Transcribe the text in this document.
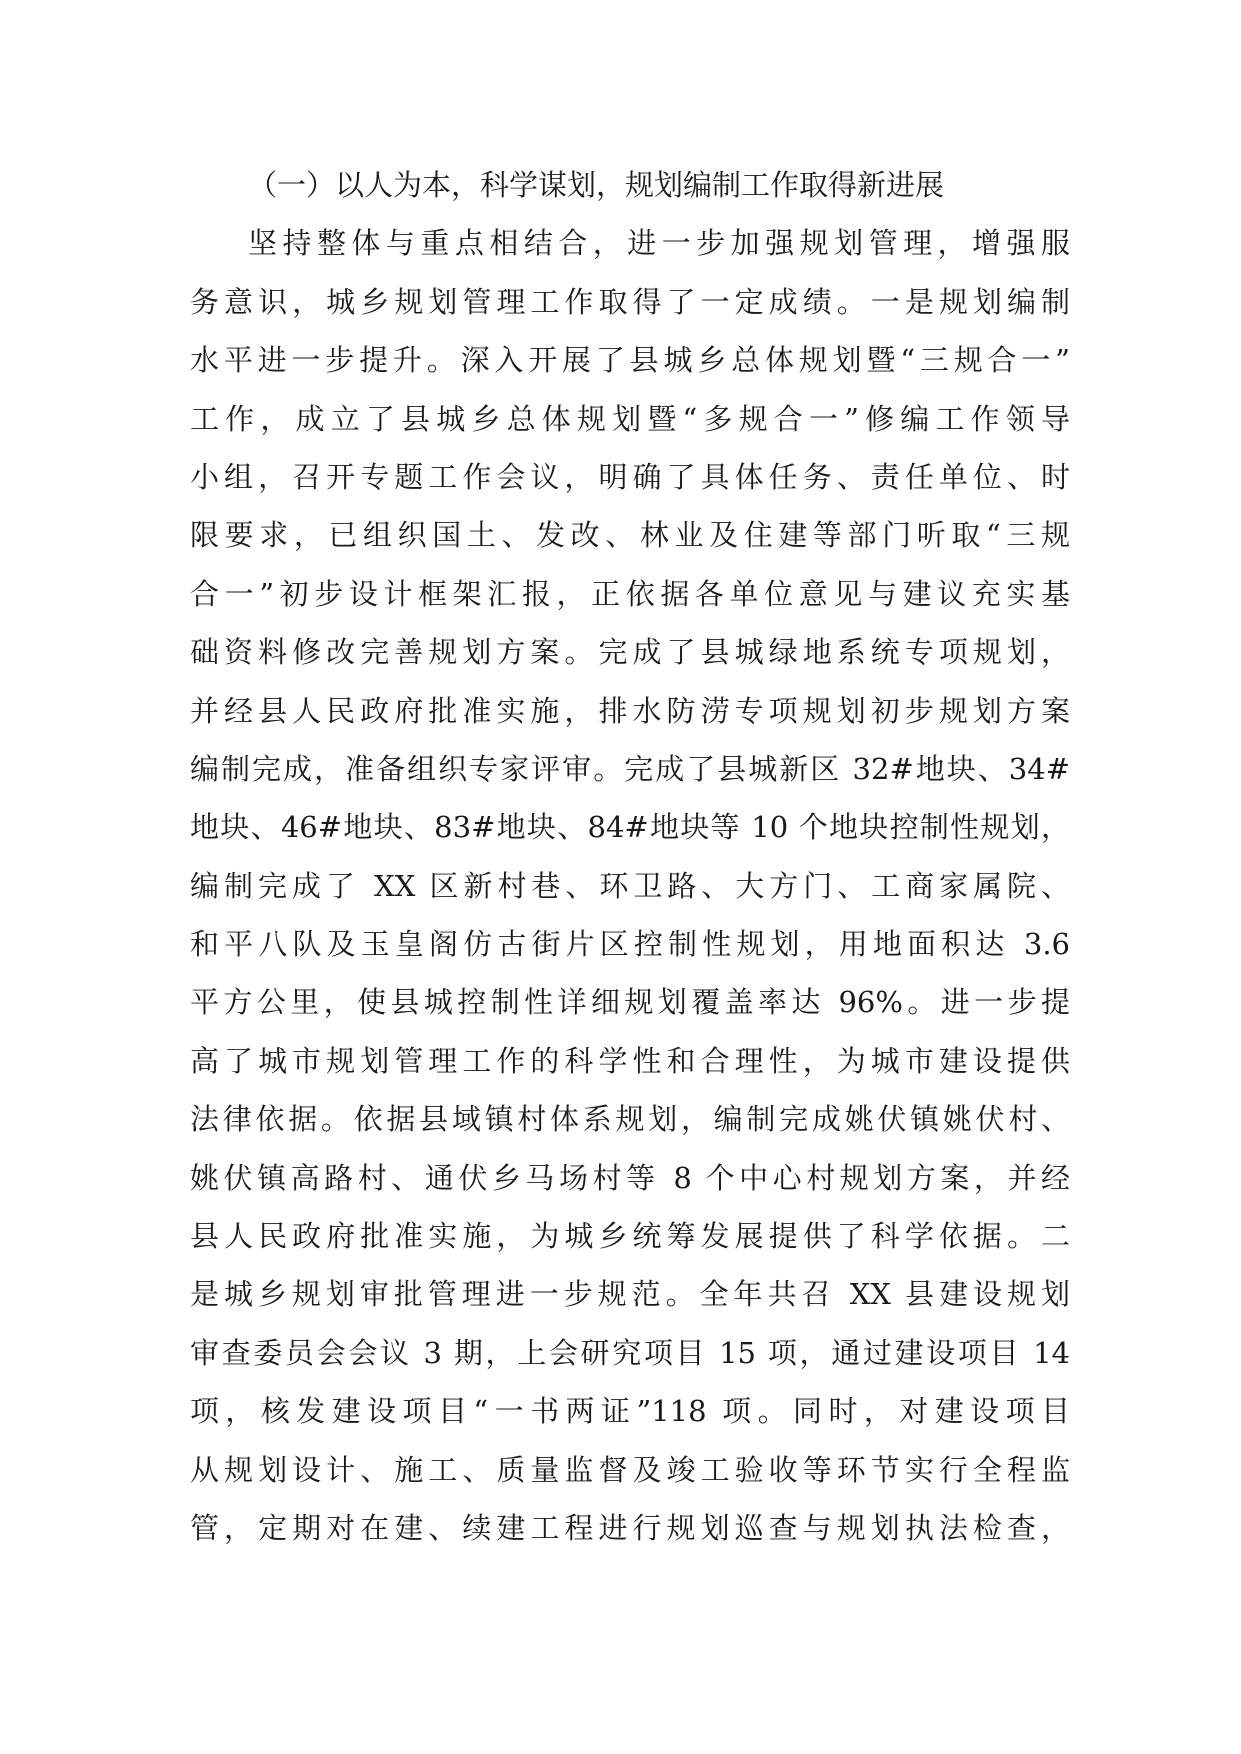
（一）以人为本，科学谋划，规划编制工作取得新进展
坚持整体与重点相结合，进一步加强规划管理，增强服
务意识，城乡规划管理工作取得了一定成绩。一是规划编制
水平进一步提升。深入开展了县城乡总体规划暨“三规合一”
工作，成立了县城乡总体规划暨“多规合一”修编工作领导
小组，召开专题工作会议，明确了具体任务、责任单位、时
限要求，已组织国土、发改、林业及住建等部门听取“三规
合一”初步设计框架汇报，正依据各单位意见与建议充实基
础资料修改完善规划方案。完成了县城绿地系统专项规划，
并经县人民政府批准实施，排水防涝专项规划初步规划方案
编制完成，准备组织专家评审。完成了县城新区 32#地块、34#
地块、46#地块、83#地块、84#地块等 10 个地块控制性规划，
编制完成了 XX 区新村巷、环卫路、大方门、工商家属院、
和平八队及玉皇阁仿古街片区控制性规划，用地面积达 3.6
平方公里，使县城控制性详细规划覆盖率达 96%。进一步提
高了城市规划管理工作的科学性和合理性，为城市建设提供
法律依据。依据县域镇村体系规划，编制完成姚伏镇姚伏村、
姚伏镇高路村、通伏乡马场村等 8 个中心村规划方案，并经
县人民政府批准实施，为城乡统筹发展提供了科学依据。二
是城乡规划审批管理进一步规范。全年共召 XX 县建设规划
审查委员会会议 3 期，上会研究项目 15 项，通过建设项目 14
项，核发建设项目“一书两证”118 项。同时，对建设项目
从规划设计、施工、质量监督及竣工验收等环节实行全程监
管，定期对在建、续建工程进行规划巡查与规划执法检查，
